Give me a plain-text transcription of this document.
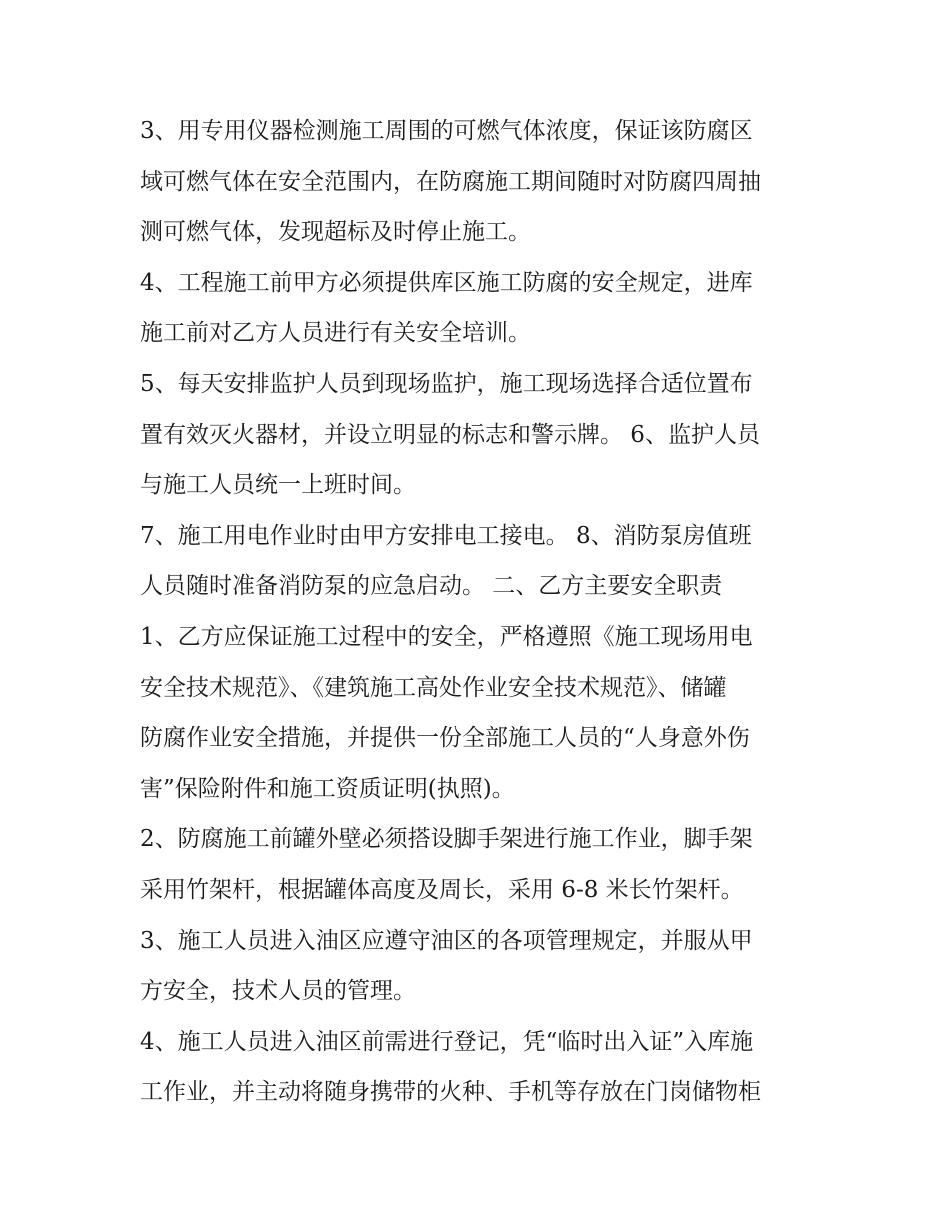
3、用专用仪器检测施工周围的可燃气体浓度，保证该防腐区
域可燃气体在安全范围内，在防腐施工期间随时对防腐四周抽
测可燃气体，发现超标及时停止施工。
4、工程施工前甲方必须提供库区施工防腐的安全规定，进库
施工前对乙方人员进行有关安全培训。
5、每天安排监护人员到现场监护，施工现场选择合适位置布
置有效灭火器材，并设立明显的标志和警示牌。 6、监护人员
与施工人员统一上班时间。
7、施工用电作业时由甲方安排电工接电。 8、消防泵房值班
人员随时准备消防泵的应急启动。 二、乙方主要安全职责
1、乙方应保证施工过程中的安全，严格遵照《施工现场用电
安全技术规范》、《建筑施工高处作业安全技术规范》、储罐
防腐作业安全措施，并提供一份全部施工人员的“人身意外伤
害”保险附件和施工资质证明(执照)。
2、防腐施工前罐外壁必须搭设脚手架进行施工作业，脚手架
采用竹架杆，根据罐体高度及周长，采用 6-8 米长竹架杆。
3、施工人员进入油区应遵守油区的各项管理规定，并服从甲
方安全，技术人员的管理。
4、施工人员进入油区前需进行登记，凭“临时出入证”入库施
工作业，并主动将随身携带的火种、手机等存放在门岗储物柜
